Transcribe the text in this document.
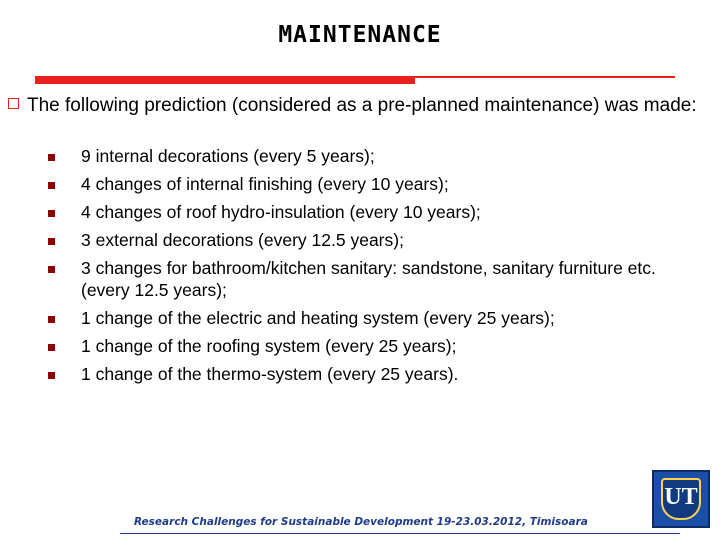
MAINTENANCE
The following prediction (considered as a pre-planned maintenance) was made:
9 internal decorations (every 5 years);
4 changes of internal finishing (every 10 years);
4 changes of roof hydro-insulation (every 10 years);
3 external decorations (every 12.5 years);
3 changes for bathroom/kitchen sanitary: sandstone, sanitary furniture etc. (every 12.5 years);
1 change of the electric and heating system (every 25 years);
1 change of the roofing system (every 25 years);
1 change of the thermo-system (every 25 years).
Research Challenges for Sustainable Development 19-23.03.2012, Timisoara
UT
